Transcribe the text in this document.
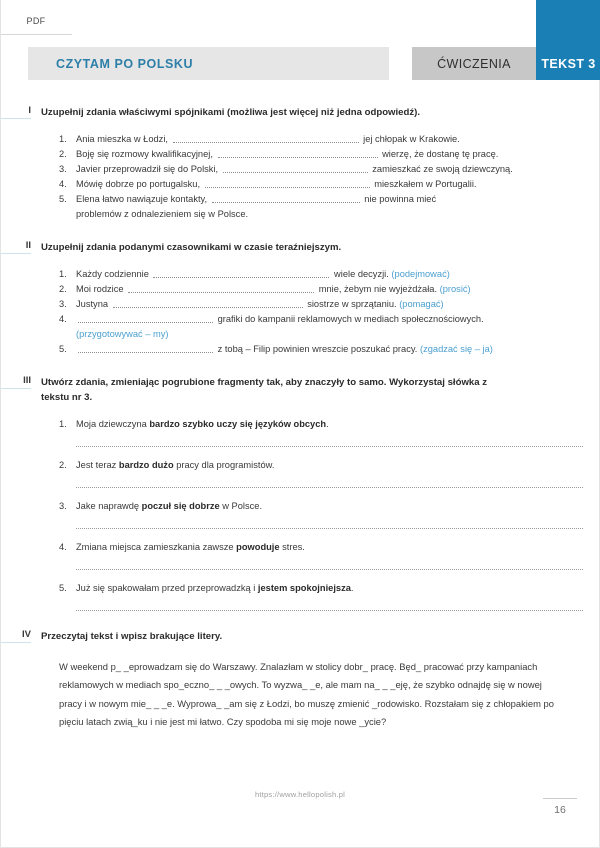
PDF
CZYTAM PO POLSKU	ĆWICZENIA TEKST 3
I Uzupełnij zdania właściwymi spójnikami (możliwa jest więcej niż jedna odpowiedź).
1. Ania mieszka w Łodzi,	jej chłopak w Krakowie.
2. Boję się rozmowy kwalifikacyjnej,	wierzę, że dostanę tę pracę.
3. Javier przeprowadził się do Polski,	zamieszkać ze swoją dziewczyną.
4. Mówię dobrze po portugalsku,	mieszkałem w Portugalii.
5. Elena łatwo nawiązuje kontakty,	nie powinna mieć
problemów z odnalezieniem się w Polsce.
II Uzupełnij zdania podanymi czasownikami w czasie teraźniejszym.
1. Każdy codziennie	wiele decyzji. (podejmować)
2. Moi rodzice	mnie, żebym nie wyjeżdżała. (prosić)
3. Justyna	siostrze w sprzątaniu. (pomagać)
4.	grafiki do kampanii reklamowych w mediach społecznościowych.
(przygotowywać – my)
5.	z tobą – Filip powinien wreszcie poszukać pracy. (zgadzać się – ja)
III Utwórz zdania, zmieniając pogrubione fragmenty tak, aby znaczyły to samo. Wykorzystaj słówka z tekstu nr 3.
1. Moja dziewczyna bardzo szybko uczy się języków obcych.
2. Jest teraz bardzo dużo pracy dla programistów.
3. Jake naprawdę poczuł się dobrze w Polsce.
4. Zmiana miejsca zamieszkania zawsze powoduje stres.
5. Już się spakowałam przed przeprowadzką i jestem spokojniejsza.
IV Przeczytaj tekst i wpisz brakujące litery.
W weekend p_ _eprowadzam się do Warszawy. Znalazłam w stolicy dobr_ pracę. Będ_ pracować przy kampaniach reklamowych w mediach spo_eczno_ _ _owych. To wyzwa_ _e, ale mam na_ _ _eję, że szybko odnajdę się w nowej pracy i w nowym mie_ _ _e. Wyprowa_ _am się z Łodzi, bo muszę zmienić _rodowisko. Rozstałam się z chłopakiem po pięciu latach zwią_ku i nie jest mi łatwo. Czy spodoba mi się moje nowe _ycie?
https://www.hellopolish.pl
16
